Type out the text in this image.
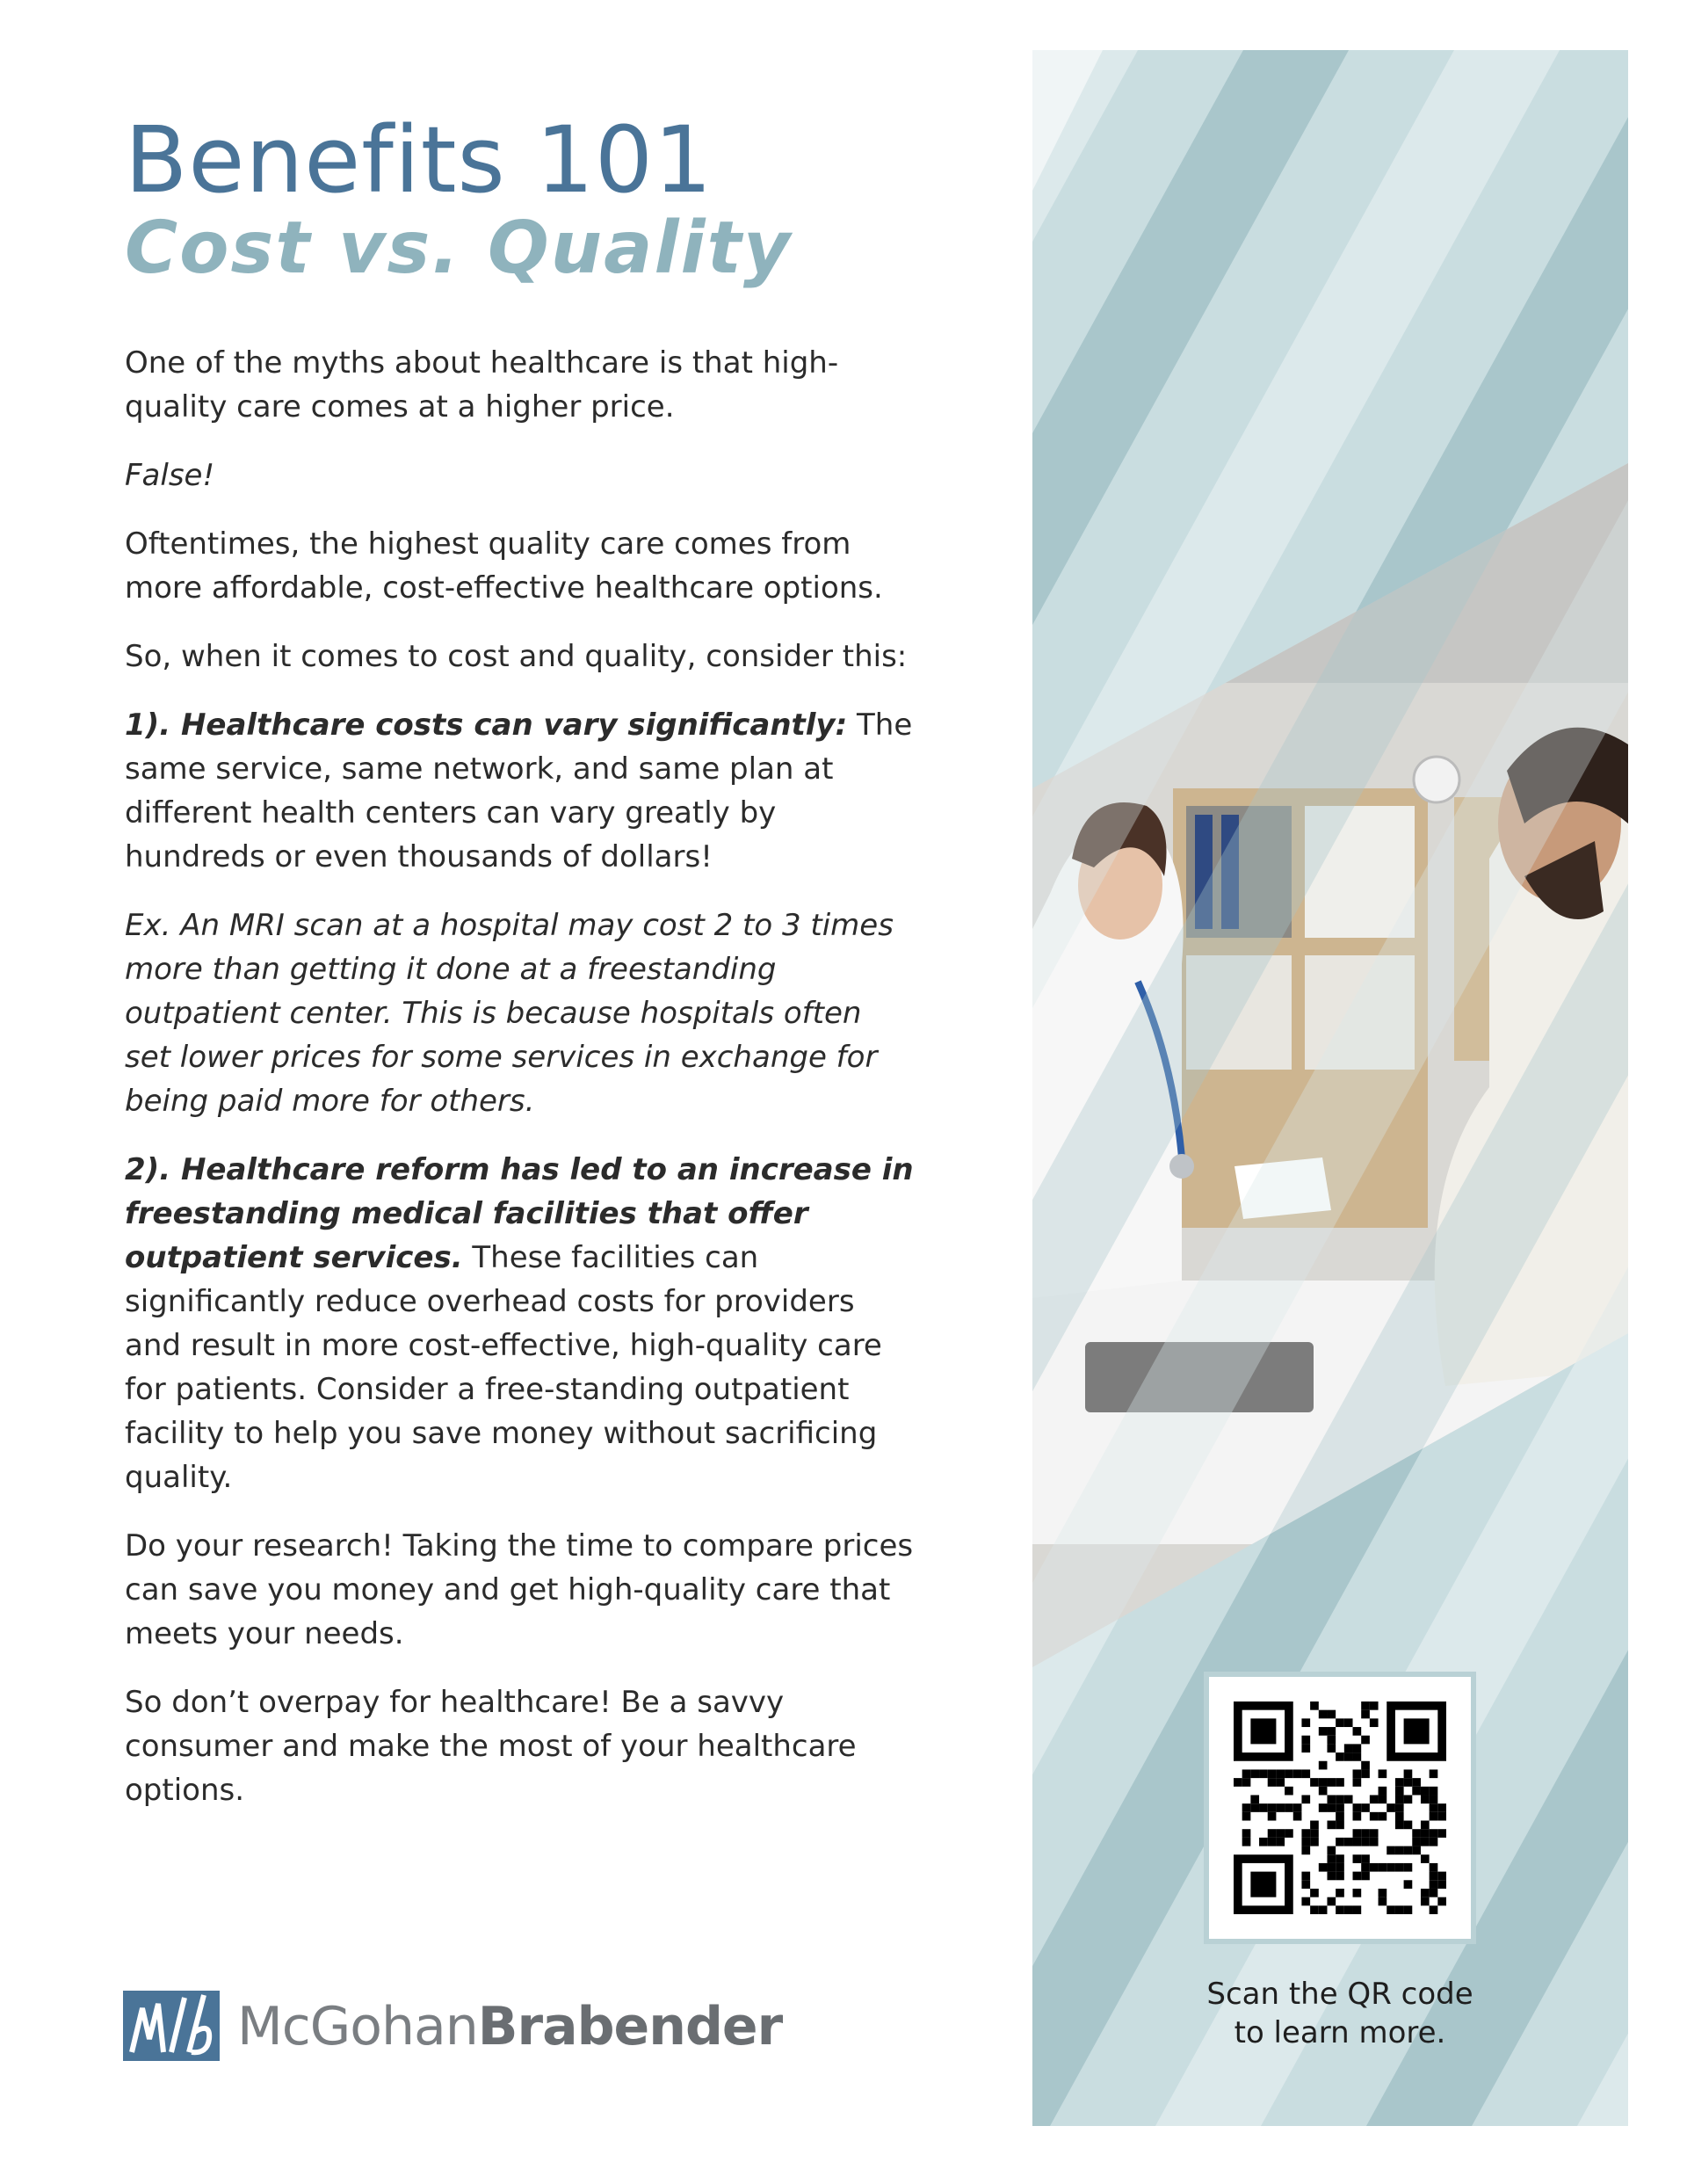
Benefits 101
Cost vs. Quality

One of the myths about healthcare is that high-quality care comes at a higher price.

False!

Oftentimes, the highest quality care comes from more affordable, cost-effective healthcare options.

So, when it comes to cost and quality, consider this:

1). Healthcare costs can vary significantly: The same service, same network, and same plan at different health centers can vary greatly by hundreds or even thousands of dollars!

Ex. An MRI scan at a hospital may cost 2 to 3 times more than getting it done at a freestanding outpatient center. This is because hospitals often set lower prices for some services in exchange for being paid more for others.

2). Healthcare reform has led to an increase in freestanding medical facilities that offer outpatient services. These facilities can significantly reduce overhead costs for providers and result in more cost-effective, high-quality care for patients. Consider a free-standing outpatient facility to help you save money without sacrificing quality.

Do your research! Taking the time to compare prices can save you money and get high-quality care that meets your needs.

So don’t overpay for healthcare! Be a savvy consumer and make the most of your healthcare options.

McGohanBrabender
Scan the QR code
to learn more.
